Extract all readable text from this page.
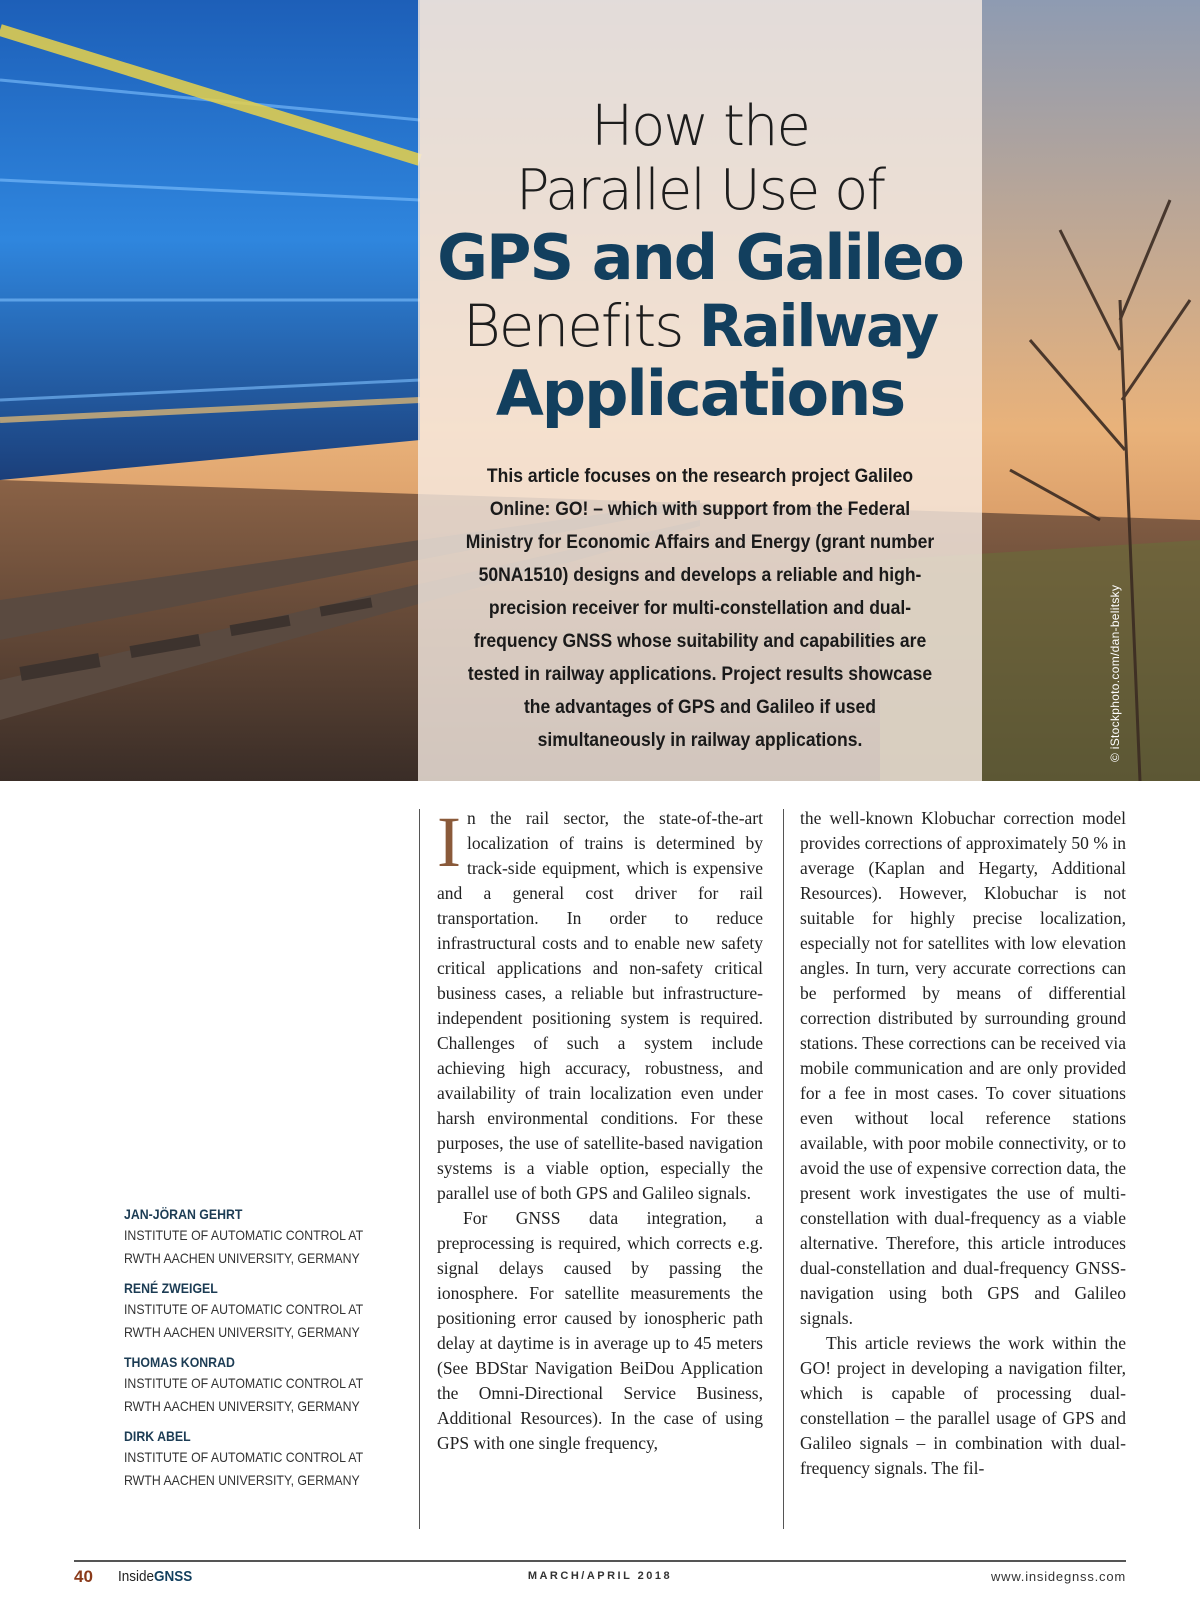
How the
Parallel Use of
GPS and Galileo
Benefits Railway
Applications
This article focuses on the research project Galileo Online: GO! – which with support from the Federal Ministry for Economic Affairs and Energy (grant number 50NA1510) designs and develops a reliable and high-precision receiver for multi-constellation and dual-frequency GNSS whose suitability and capabilities are tested in railway applications. Project results showcase the advantages of GPS and Galileo if used simultaneously in railway applications.	© iStockphoto.com/dan-belitsky
JAN-JÖRAN GEHRT
INSTITUTE OF AUTOMATIC CONTROL AT
RWTH AACHEN UNIVERSITY, GERMANY
RENÉ ZWEIGEL
INSTITUTE OF AUTOMATIC CONTROL AT
RWTH AACHEN UNIVERSITY, GERMANY
THOMAS KONRAD
INSTITUTE OF AUTOMATIC CONTROL AT
RWTH AACHEN UNIVERSITY, GERMANY
DIRK ABEL
INSTITUTE OF AUTOMATIC CONTROL AT
RWTH AACHEN UNIVERSITY, GERMANY

In the rail sector, the state-of-the-art localization of trains is determined by track-side equipment, which is expensive and a general cost driver for rail transportation. In order to reduce infrastructural costs and to enable new safety critical applications and non-safety critical business cases, a reliable but infrastructure-independent positioning system is required. Challenges of such a system include achieving high accuracy, robustness, and availability of train localization even under harsh environmental conditions. For these purposes, the use of satellite-based navigation systems is a viable option, especially the parallel use of both GPS and Galileo signals.

For GNSS data integration, a preprocessing is required, which corrects e.g. signal delays caused by passing the ionosphere. For satellite measurements the positioning error caused by ionospheric path delay at daytime is in average up to 45 meters (See BDStar Navigation BeiDou Application the Omni-Directional Service Business, Additional Resources). In the case of using GPS with one single frequency,

the well-known Klobuchar correction model provides corrections of approximately 50 % in average (Kaplan and Hegarty, Additional Resources). However, Klobuchar is not suitable for highly precise localization, especially not for satellites with low elevation angles. In turn, very accurate corrections can be performed by means of differential correction distributed by surrounding ground stations. These corrections can be received via mobile communication and are only provided for a fee in most cases. To cover situations even without local reference stations available, with poor mobile connectivity, or to avoid the use of expensive correction data, the present work investigates the use of multi-constellation with dual-frequency as a viable alternative. Therefore, this article introduces dual-constellation and dual-frequency GNSS-navigation using both GPS and Galileo signals.

This article reviews the work within the GO! project in developing a navigation filter, which is capable of processing dual-constellation – the parallel usage of GPS and Galileo signals – in combination with dual-frequency signals. The fil-

40 InsideGNSS	MARCH/APRIL 2018	www.insidegnss.com
